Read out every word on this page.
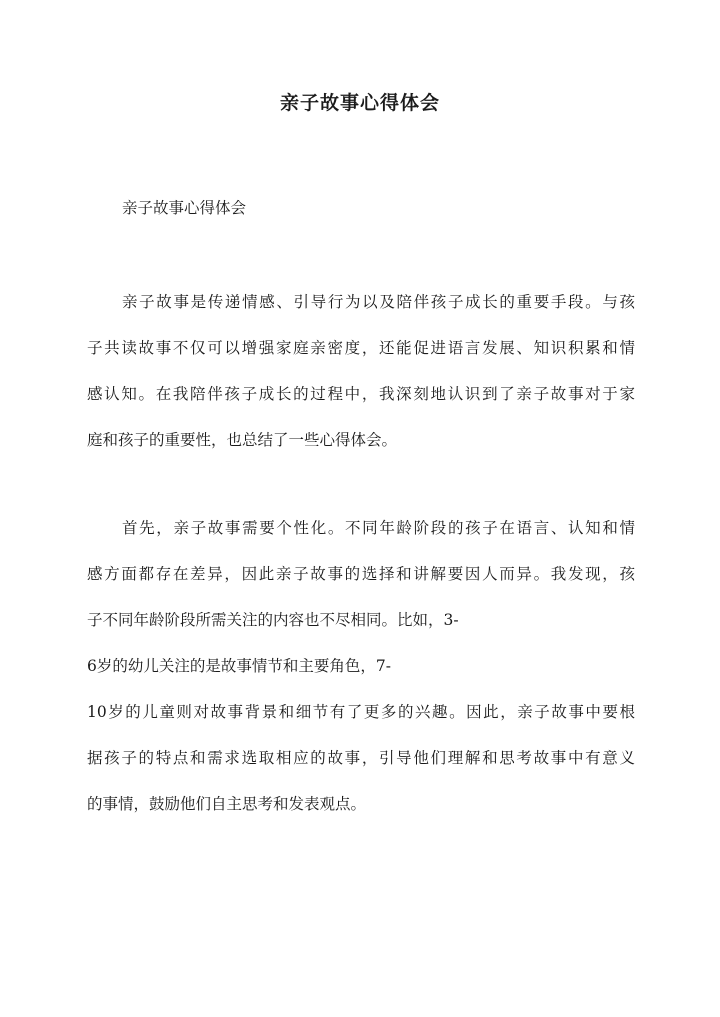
亲子故事心得体会

亲子故事心得体会

亲子故事是传递情感、引导行为以及陪伴孩子成长的重要手段。与孩
子共读故事不仅可以增强家庭亲密度，还能促进语言发展、知识积累和情
感认知。在我陪伴孩子成长的过程中，我深刻地认识到了亲子故事对于家
庭和孩子的重要性，也总结了一些心得体会。

首先，亲子故事需要个性化。不同年龄阶段的孩子在语言、认知和情
感方面都存在差异，因此亲子故事的选择和讲解要因人而异。我发现，孩
子不同年龄阶段所需关注的内容也不尽相同。比如，3-
6岁的幼儿关注的是故事情节和主要角色，7-
10岁的儿童则对故事背景和细节有了更多的兴趣。因此，亲子故事中要根
据孩子的特点和需求选取相应的故事，引导他们理解和思考故事中有意义
的事情，鼓励他们自主思考和发表观点。
